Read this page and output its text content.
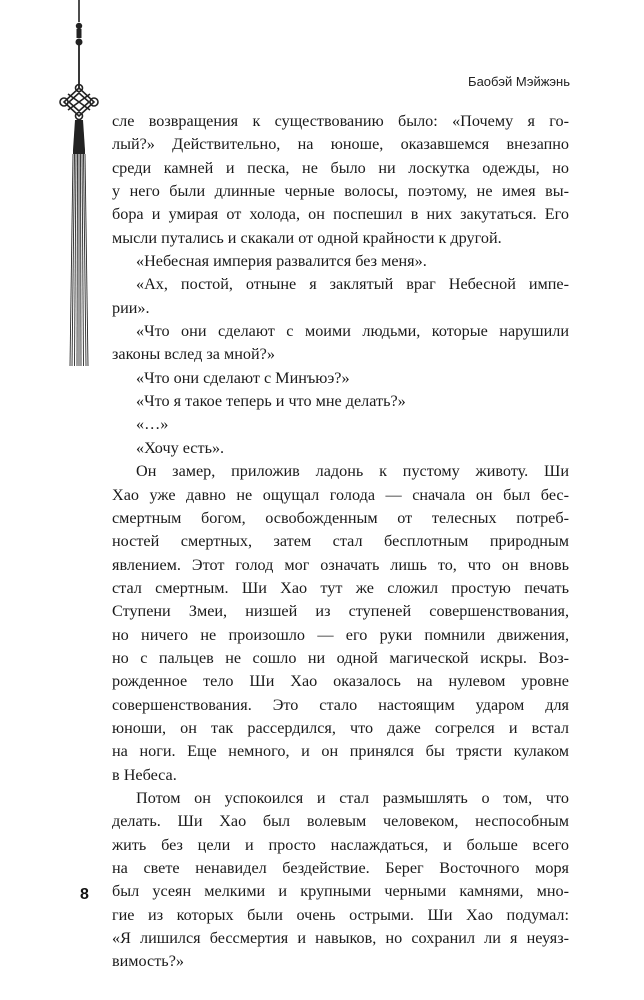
Баобэй Мэйжэнь
сле возвращения к существованию было: «Почему я го-
лый?» Действительно, на юноше, оказавшемся внезапно
среди камней и песка, не было ни лоскутка одежды, но
у него были длинные черные волосы, поэтому, не имея вы-
бора и умирая от холода, он поспешил в них закутаться. Его
мысли путались и скакали от одной крайности к другой.
«Небесная империя развалится без меня».
«Ах, постой, отныне я заклятый враг Небесной импе-
рии».
«Что они сделают с моими людьми, которые нарушили
законы вслед за мной?»
«Что они сделают с Минъюэ?»
«Что я такое теперь и что мне делать?»
«…»
«Хочу есть».
Он замер, приложив ладонь к пустому животу. Ши
Хао уже давно не ощущал голода — сначала он был бес-
смертным богом, освобожденным от телесных потреб-
ностей смертных, затем стал бесплотным природным
явлением. Этот голод мог означать лишь то, что он вновь
стал смертным. Ши Хао тут же сложил простую печать
Ступени Змеи, низшей из ступеней совершенствования,
но ничего не произошло — его руки помнили движения,
но с пальцев не сошло ни одной магической искры. Воз-
рожденное тело Ши Хао оказалось на нулевом уровне
совершенствования. Это стало настоящим ударом для
юноши, он так рассердился, что даже согрелся и встал
на ноги. Еще немного, и он принялся бы трясти кулаком
в Небеса.
Потом он успокоился и стал размышлять о том, что
делать. Ши Хао был волевым человеком, неспособным
жить без цели и просто наслаждаться, и больше всего
на свете ненавидел бездействие. Берег Восточного моря
был усеян мелкими и крупными черными камнями, мно-
гие из которых были очень острыми. Ши Хао подумал:
«Я лишился бессмертия и навыков, но сохранил ли я неуяз-
вимость?»
8
